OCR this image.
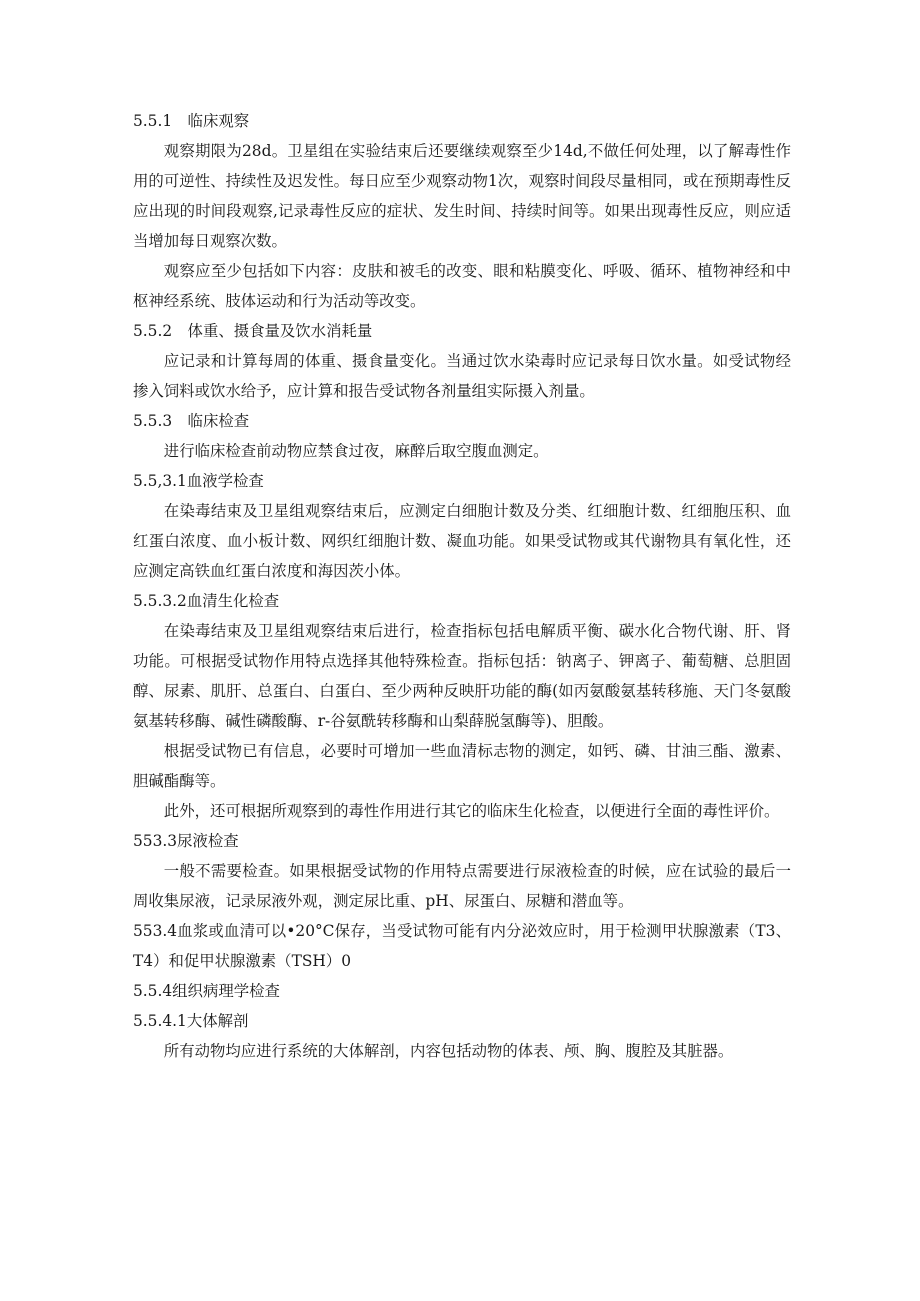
5.5.1　临床观察

观察期限为28d。卫星组在实验结束后还要继续观察至少14d,不做任何处理，以了解毒性作用的可逆性、持续性及迟发性。每日应至少观察动物1次，观察时间段尽量相同，或在预期毒性反应出现的时间段观察,记录毒性反应的症状、发生时间、持续时间等。如果出现毒性反应，则应适当增加每日观察次数。

观察应至少包括如下内容：皮肤和被毛的改变、眼和粘膜变化、呼吸、循环、植物神经和中枢神经系统、肢体运动和行为活动等改变。

5.5.2　体重、摄食量及饮水消耗量

应记录和计算每周的体重、摄食量变化。当通过饮水染毒时应记录每日饮水量。如受试物经掺入饲料或饮水给予，应计算和报告受试物各剂量组实际摄入剂量。

5.5.3　临床检查

进行临床检查前动物应禁食过夜，麻醉后取空腹血测定。

5.5,3.1血液学检查

在染毒结束及卫星组观察结束后，应测定白细胞计数及分类、红细胞计数、红细胞压积、血红蛋白浓度、血小板计数、网织红细胞计数、凝血功能。如果受试物或其代谢物具有氧化性，还应测定高铁血红蛋白浓度和海因茨小体。

5.5.3.2血清生化检查

在染毒结束及卫星组观察结束后进行，检查指标包括电解质平衡、碳水化合物代谢、肝、肾功能。可根据受试物作用特点选择其他特殊检查。指标包括：钠离子、钾离子、葡萄糖、总胆固醇、尿素、肌肝、总蛋白、白蛋白、至少两种反映肝功能的酶(如丙氨酸氨基转移施、天门冬氨酸氨基转移酶、碱性磷酸酶、r-谷氨酰转移酶和山梨薛脱氢酶等)、胆酸。

根据受试物已有信息，必要时可增加一些血清标志物的测定，如钙、磷、甘油三酯、激素、胆碱酯酶等。

此外，还可根据所观察到的毒性作用进行其它的临床生化检查，以便进行全面的毒性评价。

553.3尿液检查

一般不需要检查。如果根据受试物的作用特点需要进行尿液检查的时候，应在试验的最后一周收集尿液，记录尿液外观，测定尿比重、pH、尿蛋白、尿糖和潜血等。

553.4血浆或血清可以•20°C保存，当受试物可能有内分泌效应时，用于检测甲状腺激素（T3、T4）和促甲状腺激素（TSH）0

5.5.4组织病理学检查

5.5.4.1大体解剖

所有动物均应进行系统的大体解剖，内容包括动物的体表、颅、胸、腹腔及其脏器。
